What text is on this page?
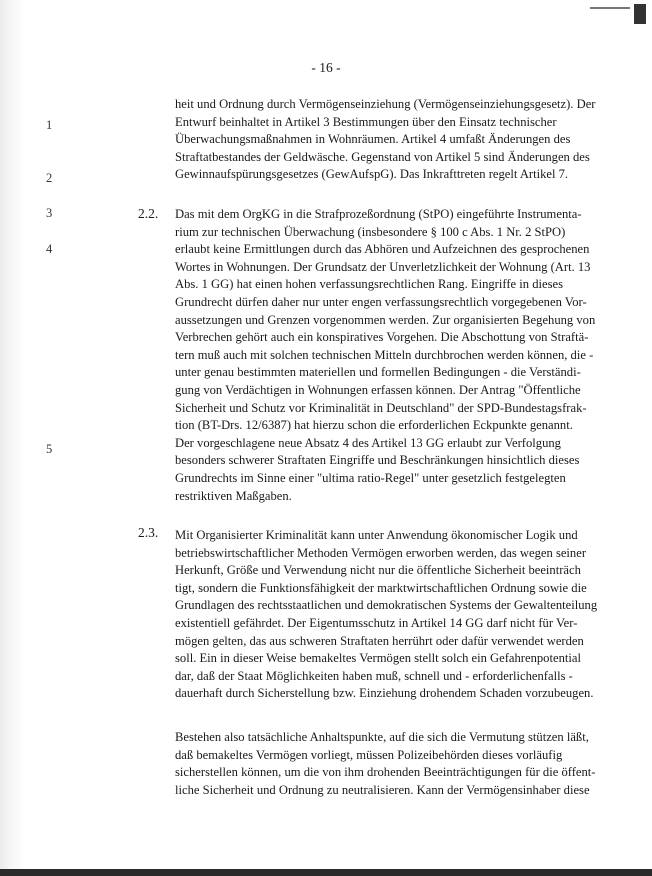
- 16 -
1
2
3
4
5
2.2.
2.3.
heit und Ordnung durch Vermögenseinziehung (Vermögenseinziehungsgesetz). Der
Entwurf beinhaltet in Artikel 3 Bestimmungen über den Einsatz technischer
Überwachungsmaßnahmen in Wohnräumen. Artikel 4 umfaßt Änderungen des
Straftatbestandes der Geldwäsche. Gegenstand von Artikel 5 sind Änderungen des
Gewinnaufspürungsgesetzes (GewAufspG). Das Inkrafttreten regelt Artikel 7.
Das mit dem OrgKG in die Strafprozeßordnung (StPO) eingeführte Instrumenta-
rium zur technischen Überwachung (insbesondere § 100 c Abs. 1 Nr. 2 StPO)
erlaubt keine Ermittlungen durch das Abhören und Aufzeichnen des gesprochenen
Wortes in Wohnungen. Der Grundsatz der Unverletzlichkeit der Wohnung (Art. 13
Abs. 1 GG) hat einen hohen verfassungsrechtlichen Rang. Eingriffe in dieses
Grundrecht dürfen daher nur unter engen verfassungsrechtlich vorgegebenen Vor-
aussetzungen und Grenzen vorgenommen werden. Zur organisierten Begehung von
Verbrechen gehört auch ein konspiratives Vorgehen. Die Abschottung von Straftä-
tern muß auch mit solchen technischen Mitteln durchbrochen werden können, die -
unter genau bestimmten materiellen und formellen Bedingungen - die Verständi-
gung von Verdächtigen in Wohnungen erfassen können. Der Antrag "Öffentliche
Sicherheit und Schutz vor Kriminalität in Deutschland" der SPD-Bundestagsfrak-
tion (BT-Drs. 12/6387) hat hierzu schon die erforderlichen Eckpunkte genannt.
Der vorgeschlagene neue Absatz 4 des Artikel 13 GG erlaubt zur Verfolgung
besonders schwerer Straftaten Eingriffe und Beschränkungen hinsichtlich dieses
Grundrechts im Sinne einer "ultima ratio-Regel" unter gesetzlich festgelegten
restriktiven Maßgaben.
Mit Organisierter Kriminalität kann unter Anwendung ökonomischer Logik und
betriebswirtschaftlicher Methoden Vermögen erworben werden, das wegen seiner
Herkunft, Größe und Verwendung nicht nur die öffentliche Sicherheit beeinträch
tigt, sondern die Funktionsfähigkeit der marktwirtschaftlichen Ordnung sowie die
Grundlagen des rechtsstaatlichen und demokratischen Systems der Gewaltenteilung
existentiell gefährdet. Der Eigentumsschutz in Artikel 14 GG darf nicht für Ver-
mögen gelten, das aus schweren Straftaten herrührt oder dafür verwendet werden
soll. Ein in dieser Weise bemakeltes Vermögen stellt solch ein Gefahrenpotential
dar, daß der Staat Möglichkeiten haben muß, schnell und - erforderlichenfalls -
dauerhaft durch Sicherstellung bzw. Einziehung drohendem Schaden vorzubeugen.
Bestehen also tatsächliche Anhaltspunkte, auf die sich die Vermutung stützen läßt,
daß bemakeltes Vermögen vorliegt, müssen Polizeibehörden dieses vorläufig
sicherstellen können, um die von ihm drohenden Beeinträchtigungen für die öffent-
liche Sicherheit und Ordnung zu neutralisieren. Kann der Vermögensinhaber diese
